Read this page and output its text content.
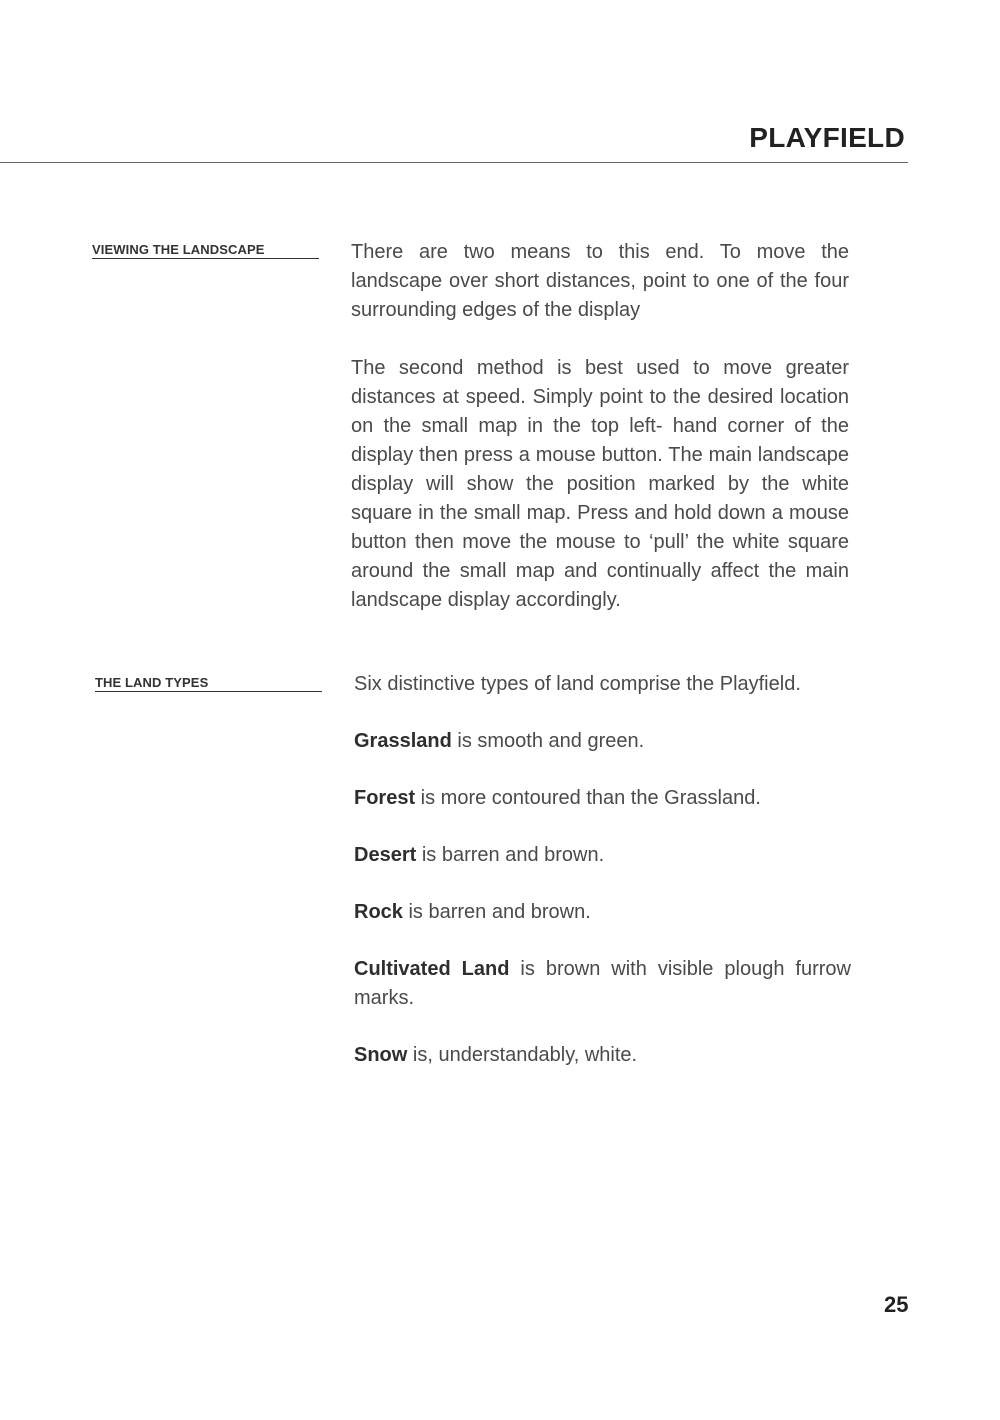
PLAYFIELD
VIEWING THE LANDSCAPE	There are two means to this end. To move the landscape over short distances, point to one of the four surrounding edges of the display

The second method is best used to move greater distances at speed. Simply point to the desired location on the small map in the top left- hand corner of the display then press a mouse button. The main landscape display will show the position marked by the white square in the small map. Press and hold down a mouse button then move the mouse to ‘pull’ the white square around the small map and continually affect the main landscape display accordingly.

THE LAND TYPES	Six distinctive types of land comprise the Playfield.

Grassland is smooth and green.

Forest is more contoured than the Grassland.

Desert is barren and brown.

Rock is barren and brown.

Cultivated Land is brown with visible plough furrow marks.

Snow is, understandably, white.

25
